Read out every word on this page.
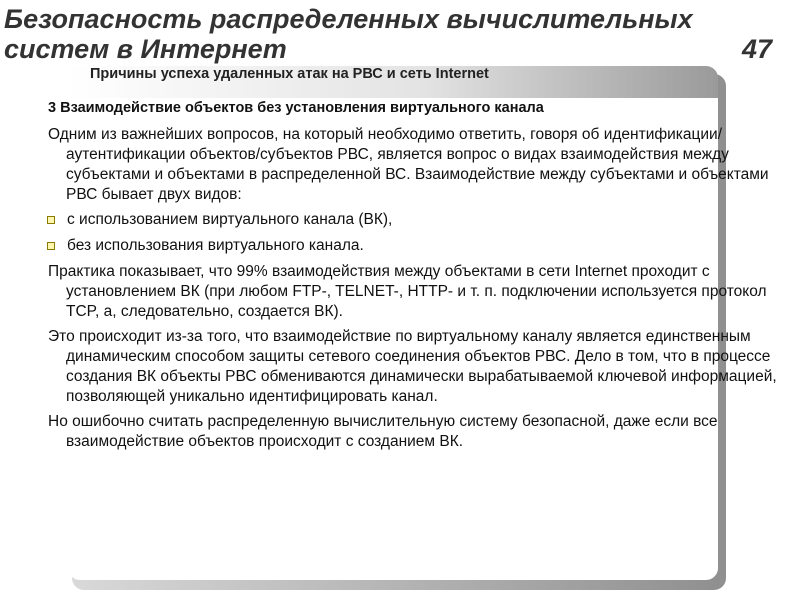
Безопасность распределенных вычислительных систем в Интернет	47
Причины успеха удаленных атак на РВС и сеть Internet
3 Взаимодействие объектов без установления виртуального канала

Одним из важнейших вопросов, на который необходимо ответить, говоря об идентификации/аутентификации объектов/субъектов РВС, является вопрос о видах взаимодействия между субъектами и объектами в распределенной ВС. Взаимодействие между субъектами и объектами РВС бывает двух видов:

с использованием виртуального канала (ВК),
без использования виртуального канала.

Практика показывает, что 99% взаимодействия между объектами в сети Internet проходит с установлением ВК (при любом FTP-, TELNET-, HTTP- и т. п. подключении используется протокол TCP, а, следовательно, создается ВК).

Это происходит из-за того, что взаимодействие по виртуальному каналу является единственным динамическим способом защиты сетевого соединения объектов РВС. Дело в том, что в процессе создания ВК объекты РВС обмениваются динамически вырабатываемой ключевой информацией, позволяющей уникально идентифицировать канал.

Но ошибочно считать распределенную вычислительную систему безопасной, даже если все взаимодействие объектов происходит с созданием ВК.
